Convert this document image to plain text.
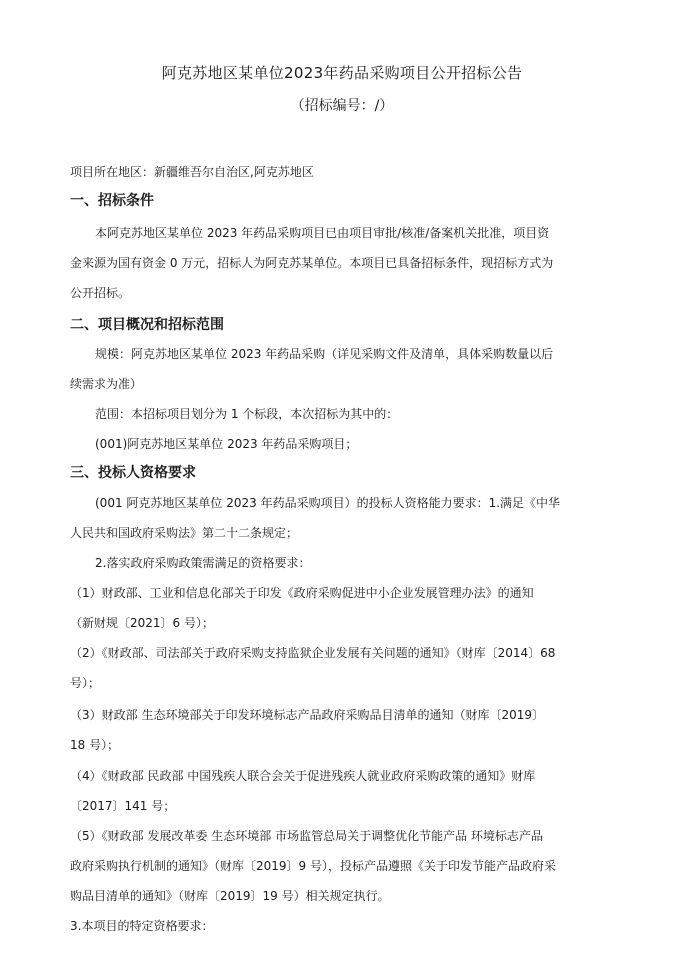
阿克苏地区某单位2023年药品采购项目公开招标公告
（招标编号：/）
项目所在地区：新疆维吾尔自治区,阿克苏地区
一、招标条件
本阿克苏地区某单位 2023 年药品采购项目已由项目审批/核准/备案机关批准，项目资
金来源为国有资金 0 万元，招标人为阿克苏某单位。本项目已具备招标条件，现招标方式为
公开招标。
二、项目概况和招标范围
规模：阿克苏地区某单位 2023 年药品采购（详见采购文件及清单，具体采购数量以后
续需求为准）
范围：本招标项目划分为 1 个标段，本次招标为其中的：
(001)阿克苏地区某单位 2023 年药品采购项目；
三、投标人资格要求
(001 阿克苏地区某单位 2023 年药品采购项目）的投标人资格能力要求：1.满足《中华
人民共和国政府采购法》第二十二条规定；
2.落实政府采购政策需满足的资格要求：
（1）财政部、工业和信息化部关于印发《政府采购促进中小企业发展管理办法》的通知
（新财规〔2021〕6 号）；
（2）《财政部、司法部关于政府采购支持监狱企业发展有关问题的通知》（财库〔2014〕68
号）；
（3）财政部 生态环境部关于印发环境标志产品政府采购品目清单的通知（财库〔2019〕
18 号）；
（4）《财政部 民政部 中国残疾人联合会关于促进残疾人就业政府采购政策的通知》财库
〔2017〕141 号；
（5）《财政部 发展改革委 生态环境部 市场监管总局关于调整优化节能产品 环境标志产品
政府采购执行机制的通知》（财库〔2019〕9 号），投标产品遵照《关于印发节能产品政府采
购品目清单的通知》（财库〔2019〕19 号）相关规定执行。
3.本项目的特定资格要求：
